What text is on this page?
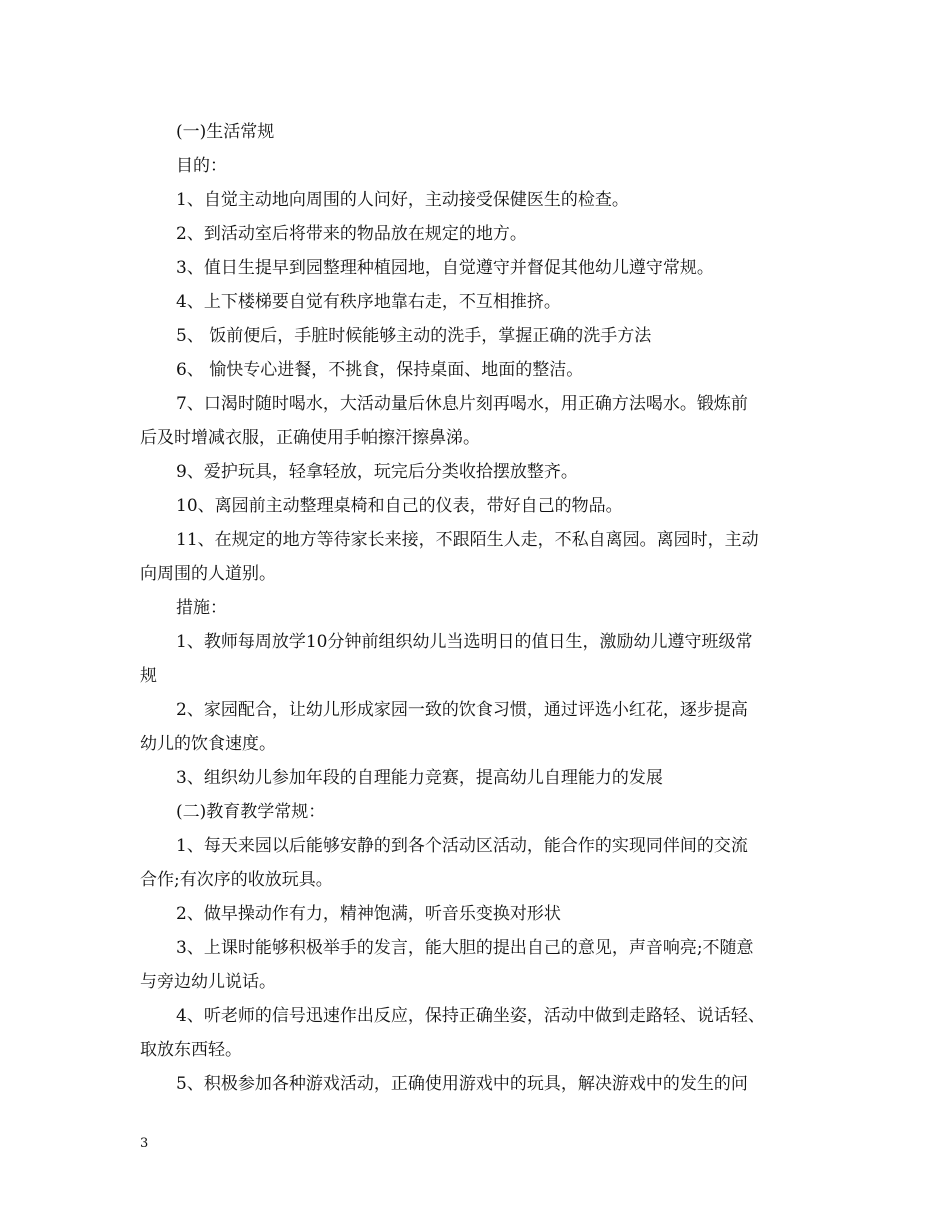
(一)生活常规

目的：

1、自觉主动地向周围的人问好，主动接受保健医生的检查。

2、到活动室后将带来的物品放在规定的地方。

3、值日生提早到园整理种植园地，自觉遵守并督促其他幼儿遵守常规。

4、上下楼梯要自觉有秩序地靠右走，不互相推挤。

5、 饭前便后，手脏时候能够主动的洗手，掌握正确的洗手方法

6、 愉快专心进餐，不挑食，保持桌面、地面的整洁。

7、口渴时随时喝水，大活动量后休息片刻再喝水，用正确方法喝水。锻炼前

后及时增减衣服，正确使用手帕擦汗擦鼻涕。

9、爱护玩具，轻拿轻放，玩完后分类收拾摆放整齐。

10、离园前主动整理桌椅和自己的仪表，带好自己的物品。

11、在规定的地方等待家长来接，不跟陌生人走，不私自离园。离园时，主动

向周围的人道别。

措施：

1、教师每周放学10分钟前组织幼儿当选明日的值日生，激励幼儿遵守班级常

规

2、家园配合，让幼儿形成家园一致的饮食习惯，通过评选小红花，逐步提高

幼儿的饮食速度。

3、组织幼儿参加年段的自理能力竞赛，提高幼儿自理能力的发展

(二)教育教学常规：

1、每天来园以后能够安静的到各个活动区活动，能合作的实现同伴间的交流

合作;有次序的收放玩具。

2、做早操动作有力，精神饱满，听音乐变换对形状

3、上课时能够积极举手的发言，能大胆的提出自己的意见，声音响亮;不随意

与旁边幼儿说话。

4、听老师的信号迅速作出反应，保持正确坐姿，活动中做到走路轻、说话轻、

取放东西轻。

5、积极参加各种游戏活动，正确使用游戏中的玩具，解决游戏中的发生的问

3
